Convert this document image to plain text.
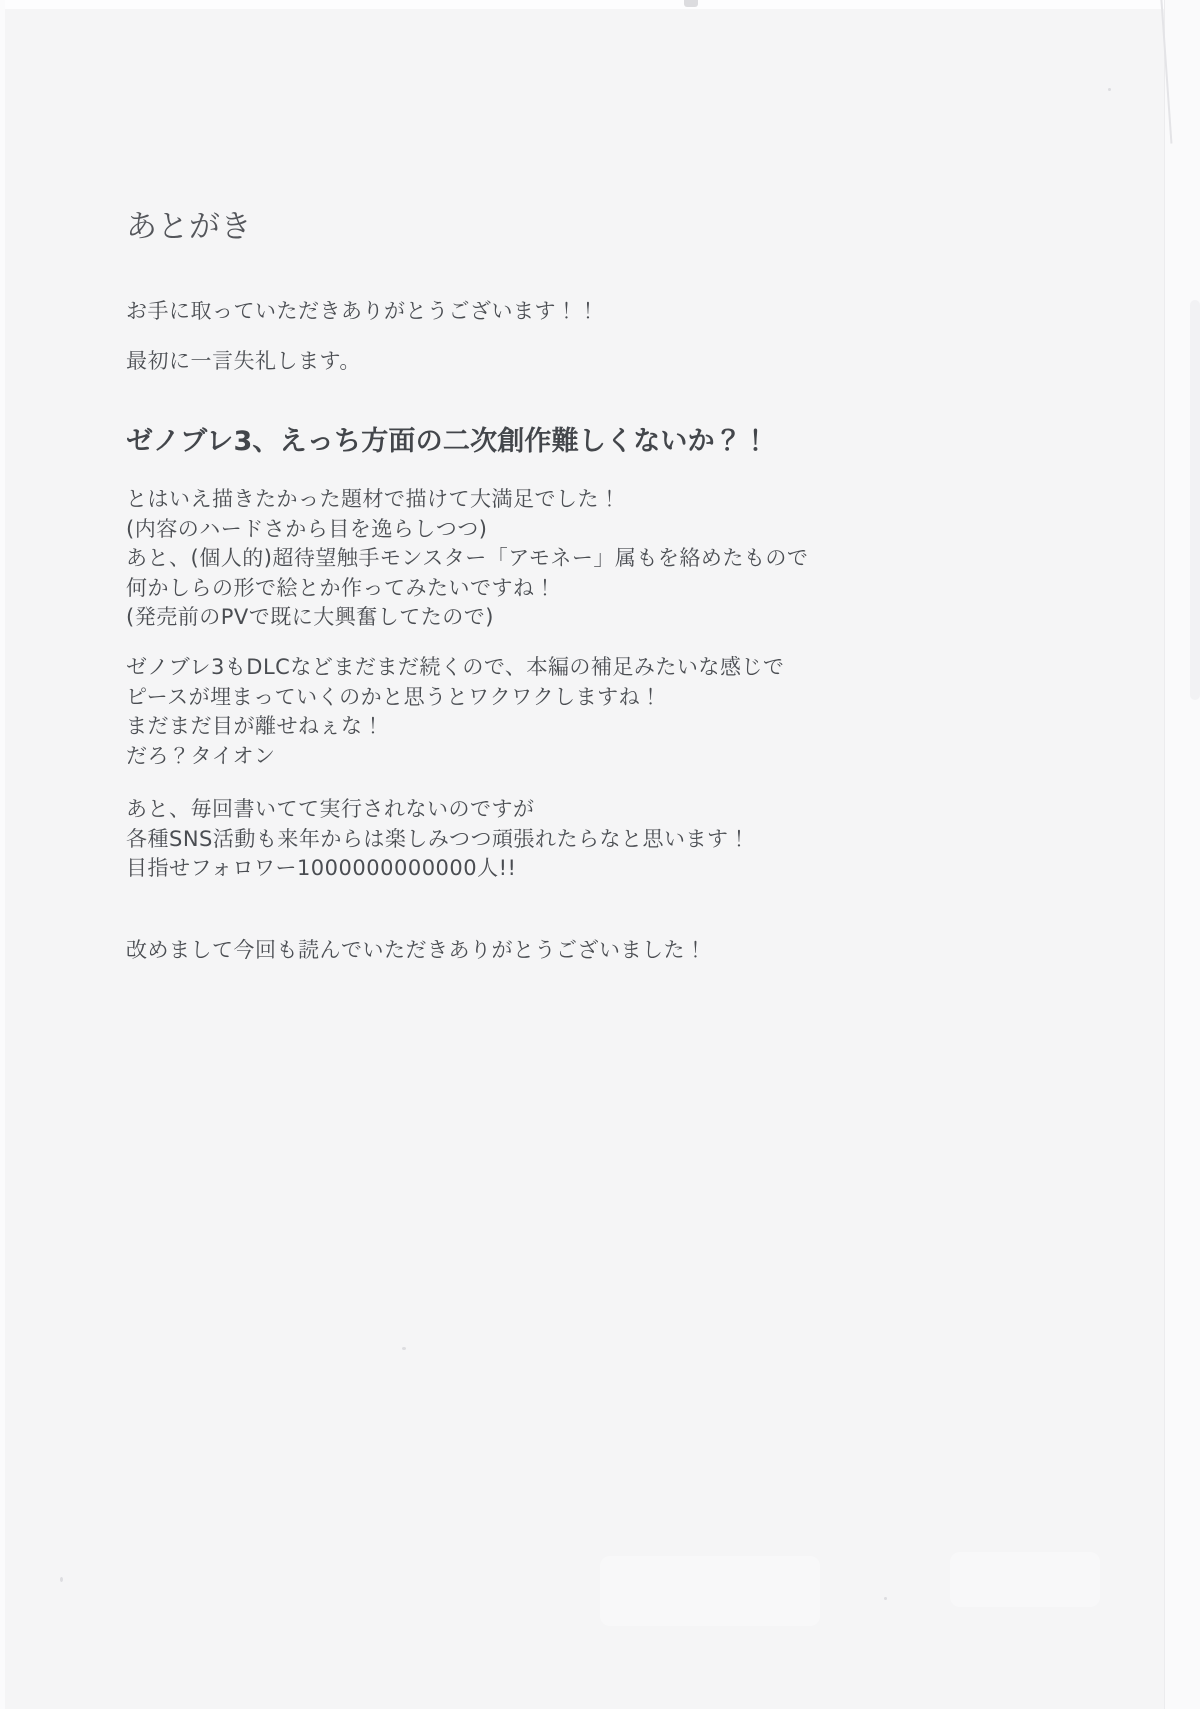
あとがき

お手に取っていただきありがとうございます！！

最初に一言失礼します。

ゼノブレ3、えっち方面の二次創作難しくないか？！

とはいえ描きたかった題材で描けて大満足でした！

(内容のハードさから目を逸らしつつ)

あと、(個人的)超待望触手モンスター「アモネー」属もを絡めたもので

何かしらの形で絵とか作ってみたいですね！

(発売前のPVで既に大興奮してたので)

ゼノブレ3もDLCなどまだまだ続くので、本編の補足みたいな感じで

ピースが埋まっていくのかと思うとワクワクしますね！

まだまだ目が離せねぇな！

だろ？タイオン

あと、毎回書いてて実行されないのですが

各種SNS活動も来年からは楽しみつつ頑張れたらなと思います！

目指せフォロワー1000000000000人!!

改めまして今回も読んでいただきありがとうございました！
